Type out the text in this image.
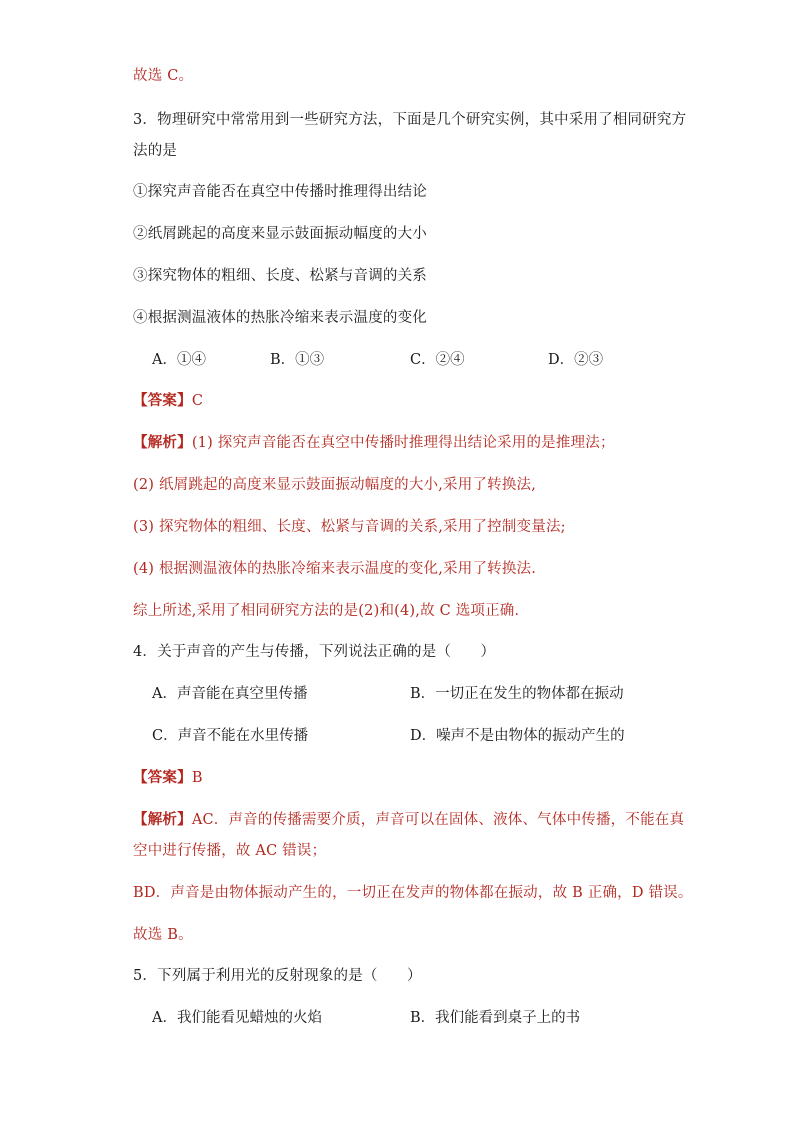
故选 C。
3．物理研究中常常用到一些研究方法，下面是几个研究实例，其中采用了相同研究方
法的是
①探究声音能否在真空中传播时推理得出结论
②纸屑跳起的高度来显示鼓面振动幅度的大小
③探究物体的粗细、长度、松紧与音调的关系
④根据测温液体的热胀冷缩来表示温度的变化
A．①④	B．①③	C．②④	D．②③
【答案】C
【解析】(1) 探究声音能否在真空中传播时推理得出结论采用的是推理法；
(2) 纸屑跳起的高度来显示鼓面振动幅度的大小,采用了转换法,
(3) 探究物体的粗细、长度、松紧与音调的关系,采用了控制变量法;
(4) 根据测温液体的热胀冷缩来表示温度的变化,采用了转换法.
综上所述,采用了相同研究方法的是(2)和(4),故 C 选项正确．
4．关于声音的产生与传播，下列说法正确的是（　　）
A．声音能在真空里传播	B．一切正在发生的物体都在振动
C．声音不能在水里传播	D．噪声不是由物体的振动产生的
【答案】B
【解析】AC．声音的传播需要介质，声音可以在固体、液体、气体中传播，不能在真
空中进行传播，故 AC 错误；
BD．声音是由物体振动产生的，一切正在发声的物体都在振动，故 B 正确，D 错误。
故选 B。
5．下列属于利用光的反射现象的是（　　）
A．我们能看见蜡烛的火焰	B．我们能看到桌子上的书
